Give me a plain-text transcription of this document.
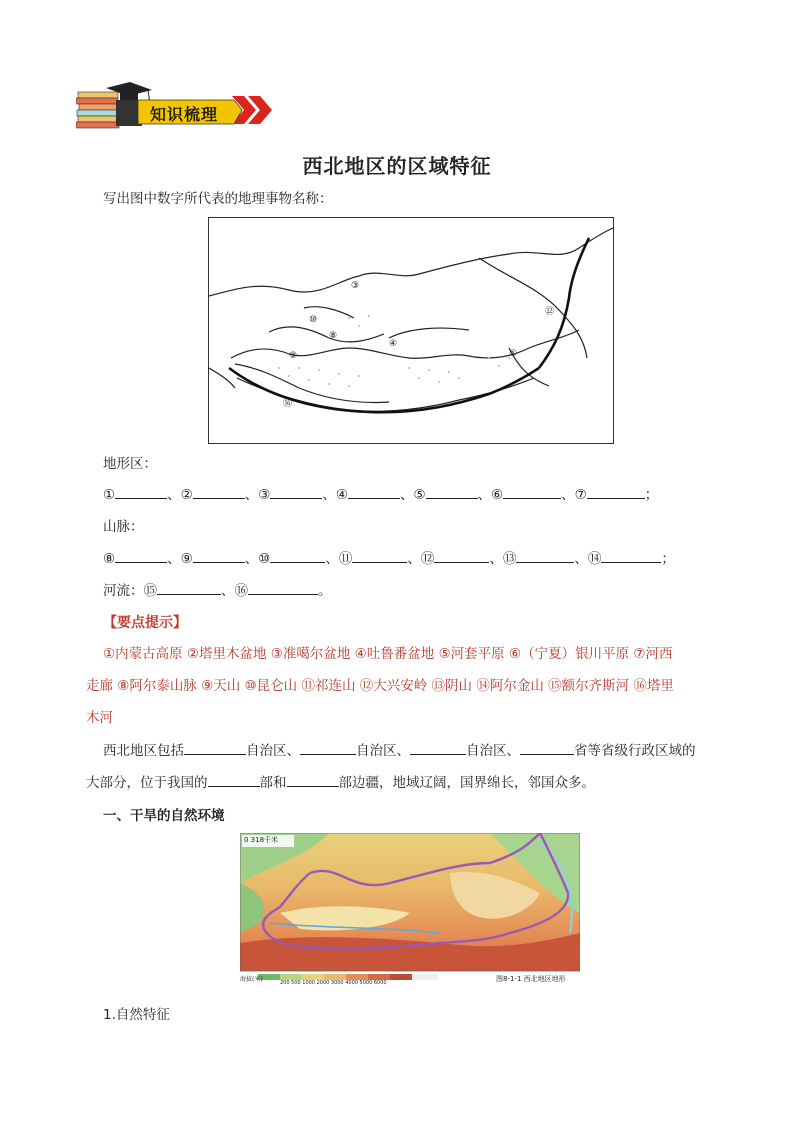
知识梳理
西北地区的区域特征
写出图中数字所代表的地理事物名称：
③
⑩
⑨
⑯
①
⑫
⑧
④
地形区：
①	、②	、③	、④	、⑤	、⑥	、⑦	；
山脉：
⑧	、⑨	、⑩	、⑪	、⑫	、⑬	、⑭	；
河流：⑮	、⑯	。
【要点提示】
①内蒙古高原 ②塔里木盆地 ③准噶尔盆地 ④吐鲁番盆地 ⑤河套平原 ⑥（宁夏）银川平原 ⑦河西
走廊 ⑧阿尔泰山脉 ⑨天山 ⑩昆仑山 ⑪祁连山 ⑫大兴安岭 ⑬阴山 ⑭阿尔金山 ⑮额尔齐斯河 ⑯塔里
木河
西北地区包括	自治区、	自治区、	自治区、	省等省级行政区域的
大部分，位于我国的	部和	部边疆，地域辽阔，国界绵长，邻国众多。
一、干旱的自然环境
0 318千米
海拔(米)	200 500 1000 2000 3000 4000 5000 6000	图8-1-1 西北地区地形
1.自然特征
